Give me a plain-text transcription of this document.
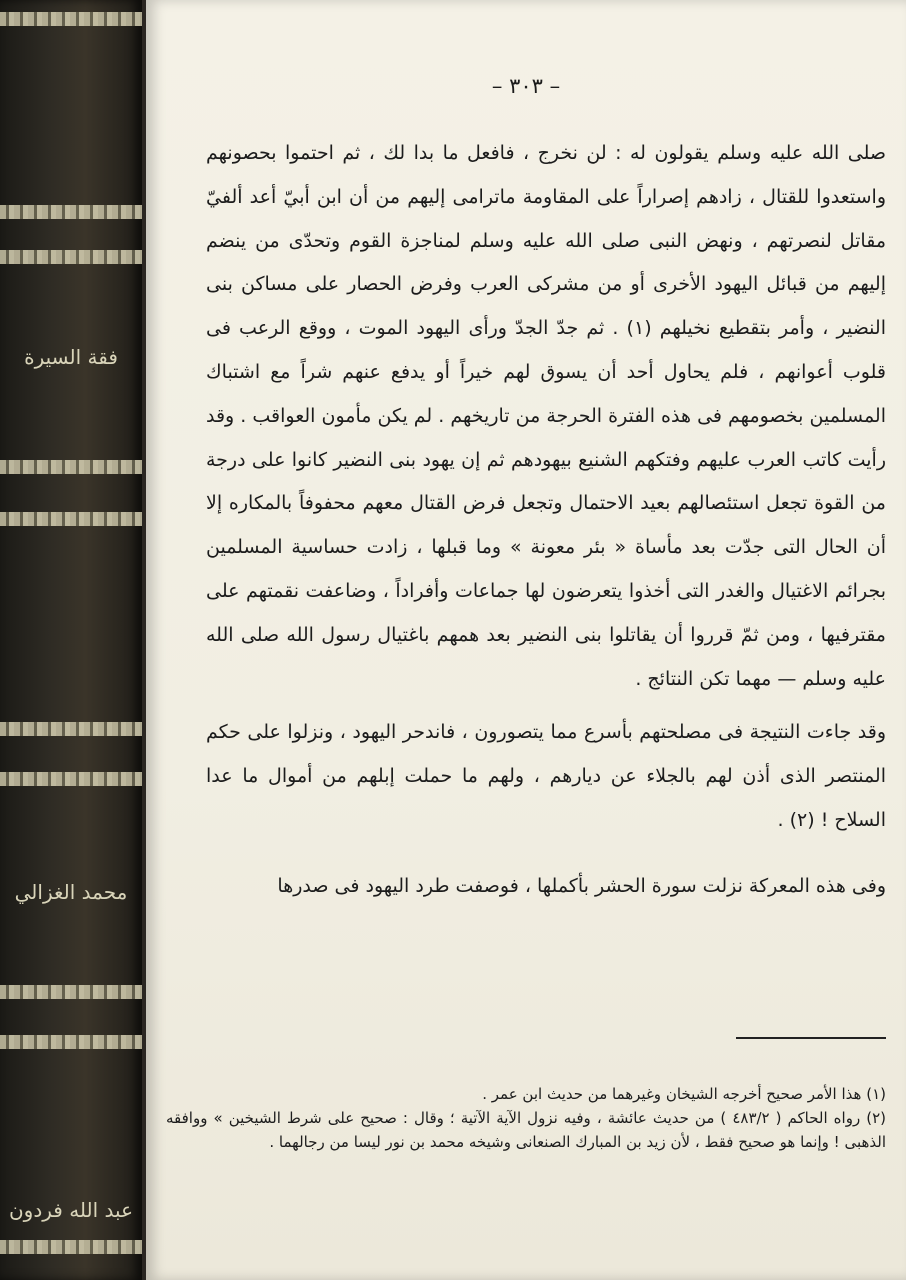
فقة السيرة
محمد الغزالي
عبد الله فردون
– ٣٠٣ –

صلى الله عليه وسلم يقولون له : لن نخرج ، فافعل ما بدا لك ، ثم احتموا بحصونهم واستعدوا للقتال ، زادهم إصراراً على المقاومة ماترامى إليهم من أن ابن أبيّ أعد ألفيّ مقاتل لنصرتهم ، ونهض النبى صلى الله عليه وسلم لمناجزة القوم وتحدّى من ينضم إليهم من قبائل اليهود الأخرى أو من مشركى العرب وفرض الحصار على مساكن بنى النضير ، وأمر بتقطيع نخيلهم (١) . ثم جدّ الجدّ ورأى اليهود الموت ، ووقع الرعب فى قلوب أعوانهم ، فلم يحاول أحد أن يسوق لهم خيراً أو يدفع عنهم شراً مع اشتباك المسلمين بخصومهم فى هذه الفترة الحرجة من تاريخهم . لم يكن مأمون العواقب . وقد رأيت كاتب العرب عليهم وفتكهم الشنيع بيهودهم ثم إن يهود بنى النضير كانوا على درجة من القوة تجعل استئصالهم بعيد الاحتمال وتجعل فرض القتال معهم محفوفاً بالمكاره إلا أن الحال التى جدّت بعد مأساة « بئر معونة » وما قبلها ، زادت حساسية المسلمين بجرائم الاغتيال والغدر التى أخذوا يتعرضون لها جماعات وأفراداً ، وضاعفت نقمتهم على مقترفيها ، ومن ثمّ قرروا أن يقاتلوا بنى النضير بعد همهم باغتيال رسول الله صلى الله عليه وسلم — مهما تكن النتائج .

وقد جاءت النتيجة فى مصلحتهم بأسرع مما يتصورون ، فاندحر اليهود ، ونزلوا على حكم المنتصر الذى أذن لهم بالجلاء عن ديارهم ، ولهم ما حملت إبلهم من أموال ما عدا السلاح ! (٢) .

وفى هذه المعركة نزلت سورة الحشر بأكملها ، فوصفت طرد اليهود فى صدرها

(١) هذا الأمر صحيح أخرجه الشيخان وغيرهما من حديث ابن عمر .

(٢) رواه الحاكم ( ٤٨٣/٢ ) من حديث عائشة ، وفيه نزول الآية الآتية ؛ وقال : صحيح على شرط الشيخين » ووافقه الذهبى ! وإنما هو صحيح فقط ، لأن زيد بن المبارك الصنعانى وشيخه محمد بن نور ليسا من رجالهما .
